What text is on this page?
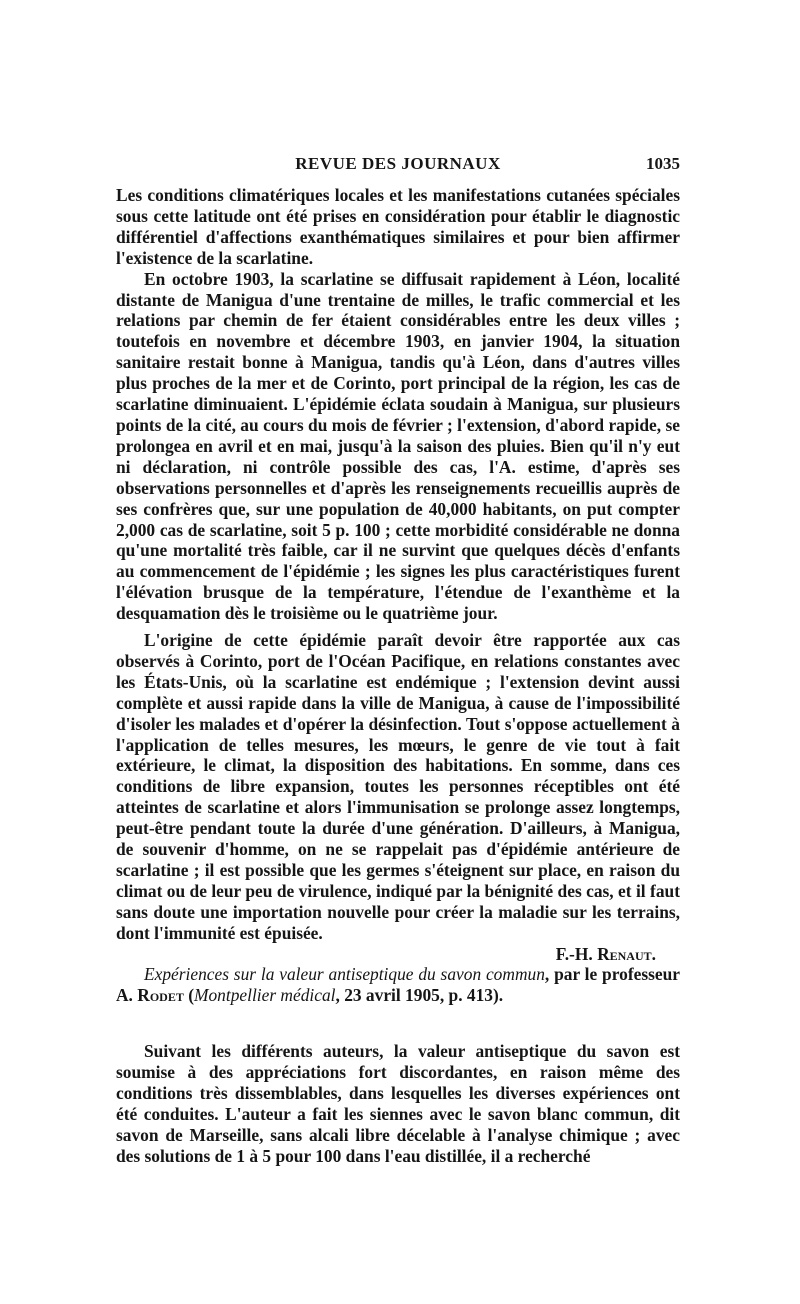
REVUE DES JOURNAUX	1035

Les conditions climatériques locales et les manifestations cutanées spéciales sous cette latitude ont été prises en considération pour établir le diagnostic différentiel d'affections exanthématiques similaires et pour bien affirmer l'existence de la scarlatine.

En octobre 1903, la scarlatine se diffusait rapidement à Léon, localité distante de Manigua d'une trentaine de milles, le trafic commercial et les relations par chemin de fer étaient considérables entre les deux villes ; toutefois en novembre et décembre 1903, en janvier 1904, la situation sanitaire restait bonne à Manigua, tandis qu'à Léon, dans d'autres villes plus proches de la mer et de Corinto, port principal de la région, les cas de scarlatine diminuaient. L'épidémie éclata soudain à Manigua, sur plusieurs points de la cité, au cours du mois de février ; l'extension, d'abord rapide, se prolongea en avril et en mai, jusqu'à la saison des pluies. Bien qu'il n'y eut ni déclaration, ni contrôle possible des cas, l'A. estime, d'après ses observations personnelles et d'après les renseignements recueillis auprès de ses confrères que, sur une population de 40,000 habitants, on put compter 2,000 cas de scarlatine, soit 5 p. 100 ; cette morbidité considérable ne donna qu'une mortalité très faible, car il ne survint que quelques décès d'enfants au commencement de l'épidémie ; les signes les plus caractéristiques furent l'élévation brusque de la température, l'étendue de l'exanthème et la desquamation dès le troisième ou le quatrième jour.

L'origine de cette épidémie paraît devoir être rapportée aux cas observés à Corinto, port de l'Océan Pacifique, en relations constantes avec les États-Unis, où la scarlatine est endémique ; l'extension devint aussi complète et aussi rapide dans la ville de Manigua, à cause de l'impossibilité d'isoler les malades et d'opérer la désinfection. Tout s'oppose actuellement à l'application de telles mesures, les mœurs, le genre de vie tout à fait extérieure, le climat, la disposition des habitations. En somme, dans ces conditions de libre expansion, toutes les personnes réceptibles ont été atteintes de scarlatine et alors l'immunisation se prolonge assez longtemps, peut-être pendant toute la durée d'une génération. D'ailleurs, à Manigua, de souvenir d'homme, on ne se rappelait pas d'épidémie antérieure de scarlatine ; il est possible que les germes s'éteignent sur place, en raison du climat ou de leur peu de virulence, indiqué par la bénignité des cas, et il faut sans doute une importation nouvelle pour créer la maladie sur les terrains, dont l'immunité est épuisée.

F.-H. Renaut.

Expériences sur la valeur antiseptique du savon commun, par le professeur A. Rodet (Montpellier médical, 23 avril 1905, p. 413).

Suivant les différents auteurs, la valeur antiseptique du savon est soumise à des appréciations fort discordantes, en raison même des conditions très dissemblables, dans lesquelles les diverses expériences ont été conduites. L'auteur a fait les siennes avec le savon blanc commun, dit savon de Marseille, sans alcali libre décelable à l'analyse chimique ; avec des solutions de 1 à 5 pour 100 dans l'eau distillée, il a recherché
